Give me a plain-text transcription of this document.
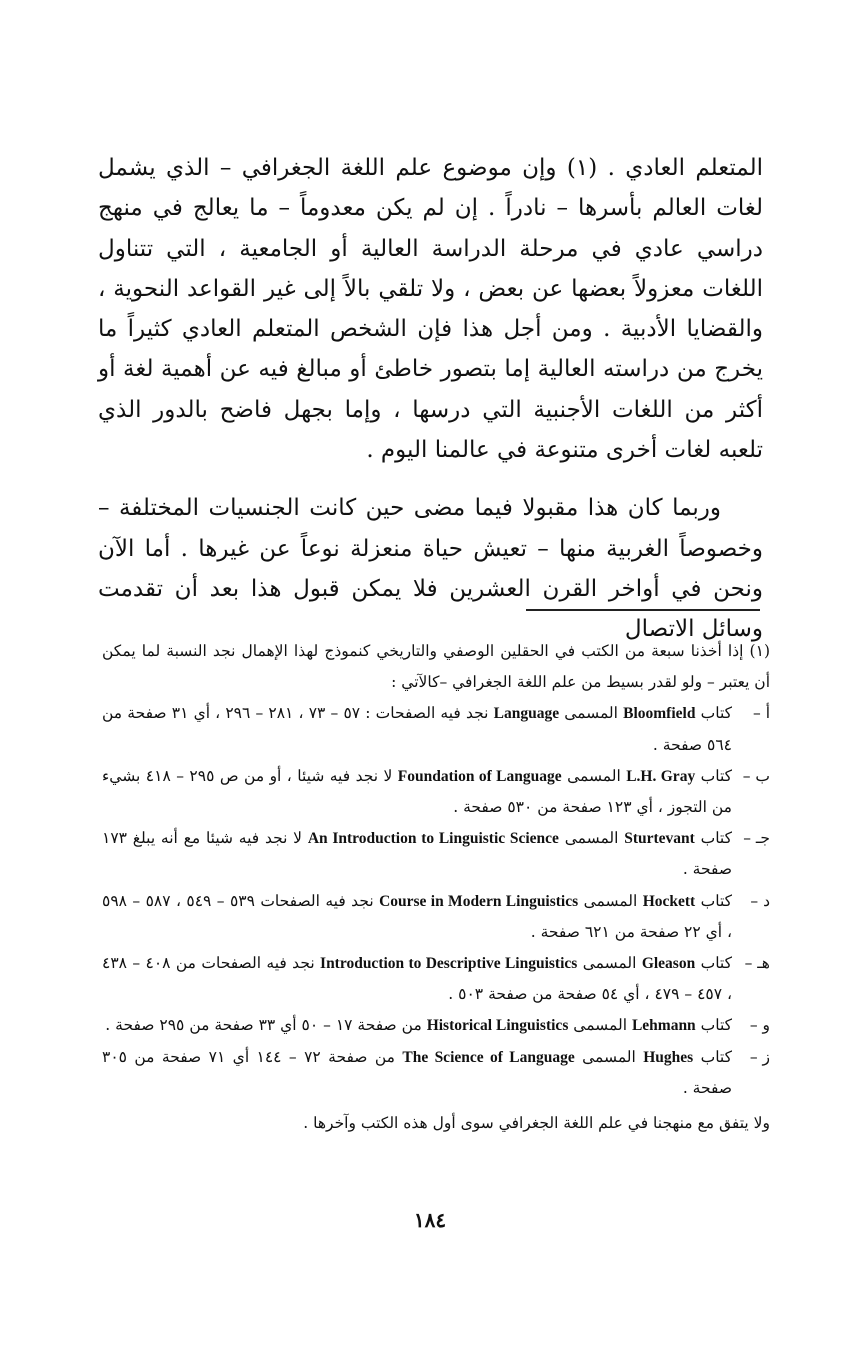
المتعلم العادي . (١) وإن موضوع علم اللغة الجغرافي – الذي يشمل لغات العالم بأسرها – نادراً . إن لم يكن معدوماً – ما يعالج في منهج دراسي عادي في مرحلة الدراسة العالية أو الجامعية ، التي تتناول اللغات معزولاً بعضها عن بعض ، ولا تلقي بالاً إلى غير القواعد النحوية ، والقضايا الأدبية . ومن أجل هذا فإن الشخص المتعلم العادي كثيراً ما يخرج من دراسته العالية إما بتصور خاطئ أو مبالغ فيه عن أهمية لغة أو أكثر من اللغات الأجنبية التي درسها ، وإما بجهل فاضح بالدور الذي تلعبه لغات أخرى متنوعة في عالمنا اليوم .

وربما كان هذا مقبولا فيما مضى حين كانت الجنسيات المختلفة – وخصوصاً الغربية منها – تعيش حياة منعزلة نوعاً عن غيرها . أما الآن ونحن في أواخر القرن العشرين فلا يمكن قبول هذا بعد أن تقدمت وسائل الاتصال

(١) إذا أخذنا سبعة من الكتب في الحقلين الوصفي والتاريخي كنموذج لهذا الإهمال نجد النسبة لما يمكن أن يعتبر – ولو لقدر بسيط من علم اللغة الجغرافي –كالآتي :

أ –
كتاب Bloomfield المسمى Language نجد فيه الصفحات : ٥٧ – ٧٣ ، ٢٨١ – ٢٩٦ ، أي ٣١ صفحة من ٥٦٤ صفحة .
ب –
كتاب L.H. Gray المسمى Foundation of Language لا نجد فيه شيئا ، أو من ص ٢٩٥ – ٤١٨ بشيء من التجوز ، أي ١٢٣ صفحة من ٥٣٠ صفحة .
جـ –
كتاب Sturtevant المسمى An Introduction to Linguistic Science لا نجد فيه شيئا مع أنه يبلغ ١٧٣ صفحة .
د –
كتاب Hockett المسمى Course in Modern Linguistics نجد فيه الصفحات ٥٣٩ – ٥٤٩ ، ٥٨٧ – ٥٩٨ ، أي ٢٢ صفحة من ٦٢١ صفحة .
هـ –
كتاب Gleason المسمى Introduction to Descriptive Linguistics نجد فيه الصفحات من ٤٠٨ – ٤٣٨ ، ٤٥٧ – ٤٧٩ ، أي ٥٤ صفحة من صفحة ٥٠٣ .
و –
كتاب Lehmann المسمى Historical Linguistics من صفحة ١٧ – ٥٠ أي ٣٣ صفحة من ٢٩٥ صفحة .
ز –
كتاب Hughes المسمى The Science of Language من صفحة ٧٢ – ١٤٤ أي ٧١ صفحة من ٣٠٥ صفحة .

ولا يتفق مع منهجنا في علم اللغة الجغرافي سوى أول هذه الكتب وآخرها .

١٨٤
